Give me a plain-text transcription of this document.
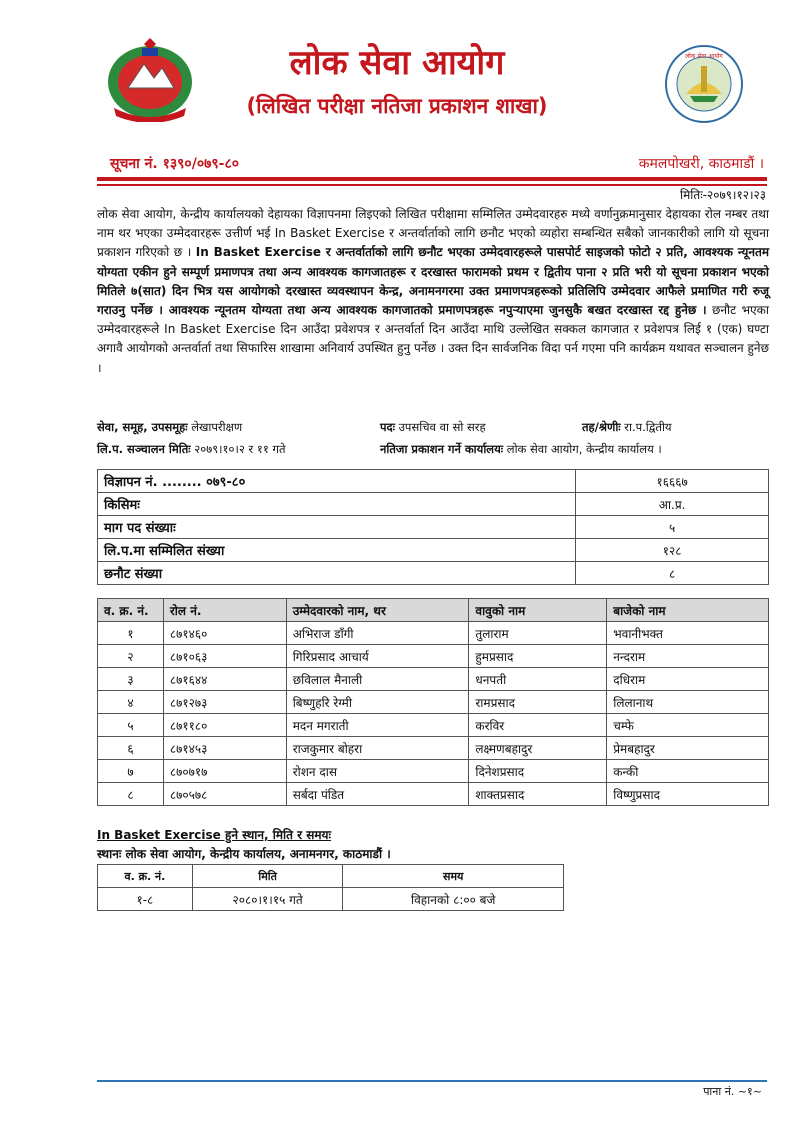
लोक सेवा आयोग
लोक सेवा आयोग
(लिखित परीक्षा नतिजा प्रकाशन शाखा)
सूचना नं. १३९०/०७९-८०	कमलपोखरी, काठमाडौं ।
मितिः-२०७९।१२।२३
लोक सेवा आयोग, केन्द्रीय कार्यालयको देहायका विज्ञापनमा लिइएको लिखित परीक्षामा सम्मिलित उम्मेदवारहरु मध्ये वर्णानुक्रमानुसार देहायका रोल नम्बर तथा नाम थर भएका उम्मेदवारहरू उत्तीर्ण भई In Basket Exercise र अन्तर्वार्ताको लागि छनौट भएको व्यहोरा सम्बन्धित सबैको जानकारीको लागि यो सूचना प्रकाशन गरिएको छ । In Basket Exercise र अन्तर्वार्ताको लागि छनौट भएका उम्मेदवारहरूले पासपोर्ट साइजको फोटो २ प्रति, आवश्यक न्यूनतम योग्यता एकीन हुने सम्पूर्ण प्रमाणपत्र तथा अन्य आवश्यक कागजातहरू र दरखास्त फारामको प्रथम र द्वितीय पाना २ प्रति भरी यो सूचना प्रकाशन भएको मितिले ७(सात) दिन भित्र यस आयोगको दरखास्त व्यवस्थापन केन्द्र, अनामनगरमा उक्त प्रमाणपत्रहरूको प्रतिलिपि उम्मेदवार आफैले प्रमाणित गरी रुजू गराउनु पर्नेछ । आवश्यक न्यूनतम योग्यता तथा अन्य आवश्यक कागजातको प्रमाणपत्रहरू नपुऱ्याएमा जुनसुकै बखत दरखास्त रद्द हुनेछ । छनौट भएका उम्मेदवारहरूले In Basket Exercise दिन आउँदा प्रवेशपत्र र अन्तर्वार्ता दिन आउँदा माथि उल्लेखित सक्कल कागजात र प्रवेशपत्र लिई १ (एक) घण्टा अगावै आयोगको अन्तर्वार्ता तथा सिफारिस शाखामा अनिवार्य उपस्थित हुनु पर्नेछ । उक्त दिन सार्वजनिक विदा पर्न गएमा पनि कार्यक्रम यथावत सञ्चालन हुनेछ ।
सेवा, समूह, उपसमूहः लेखापरीक्षण	पदः उपसचिव वा सो सरह	तह/श्रेणीः रा.प.द्वितीय
लि.प. सञ्चालन मितिः २०७९।१०।२ र ११ गते	नतिजा प्रकाशन गर्ने कार्यालयः लोक सेवा आयोग, केन्द्रीय कार्यालय ।
विज्ञापन नं. ........ ०७९-८०	१६६६७
किसिमः	आ.प्र.
माग पद संख्याः	५
लि.प.मा सम्मिलित संख्या	१२८
छनौट संख्या	८
व. क्र. नं.	रोल नं.	उम्मेदवारको नाम, थर	वावुको नाम	बाजेको नाम
१	८७१४६०	अभिराज डाँगी	तुलाराम	भवानीभक्त
२	८७१०६३	गिरिप्रसाद आचार्य	हुमप्रसाद	नन्दराम
३	८७१६४४	छविलाल मैनाली	धनपती	दधिराम
४	८७१२७३	बिष्णुहरि रेग्मी	रामप्रसाद	लिलानाथ
५	८७११८०	मदन मगराती	करविर	चम्फे
६	८७१४५३	राजकुमार बोहरा	लक्ष्मणबहादुर	प्रेमबहादुर
७	८७०७१७	रोशन दास	दिनेशप्रसाद	कन्की
८	८७०५७८	सर्बदा पंडित	शाक्तप्रसाद	विष्णुप्रसाद
In Basket Exercise हुने स्थान, मिति र समयः
स्थानः लोक सेवा आयोग, केन्द्रीय कार्यालय, अनामनगर, काठमाडौं ।
व. क्र. नं.	मिति	समय
१-८	२०८०।१।१५ गते	विहानको ८:०० बजे
पाना नं. ~१~
